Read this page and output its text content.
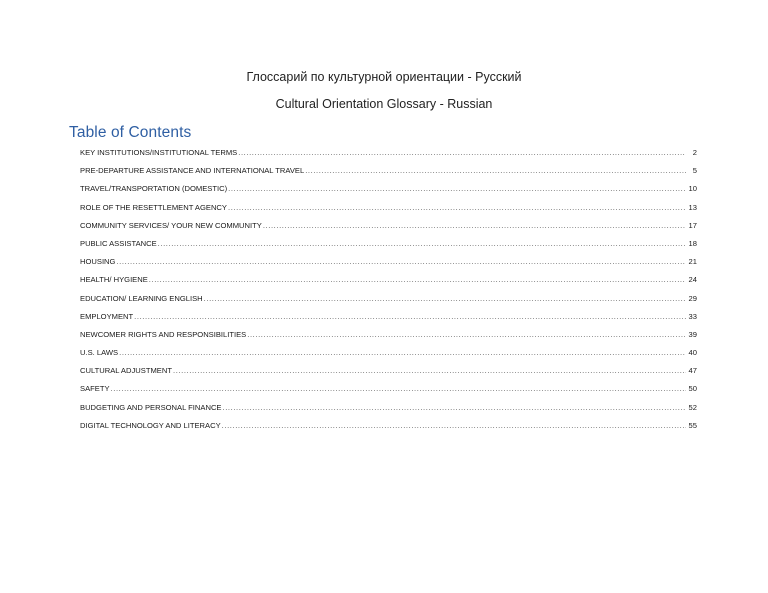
Глоссарий по культурной ориентации - Русский
Cultural Orientation Glossary - Russian
Table of Contents
KEY INSTITUTIONS/INSTITUTIONAL TERMS .....	2
PRE-DEPARTURE ASSISTANCE AND INTERNATIONAL TRAVEL .....	5
TRAVEL/TRANSPORTATION (DOMESTIC) .....	10
ROLE OF THE RESETTLEMENT AGENCY .....	13
COMMUNITY SERVICES/ YOUR NEW COMMUNITY .....	17
PUBLIC ASSISTANCE .....	18
HOUSING .....	21
HEALTH/ HYGIENE .....	24
EDUCATION/ LEARNING ENGLISH .....	29
EMPLOYMENT .....	33
NEWCOMER RIGHTS AND RESPONSIBILITIES .....	39
U.S. LAWS .....	40
CULTURAL ADJUSTMENT .....	47
SAFETY .....	50
BUDGETING AND PERSONAL FINANCE .....	52
DIGITAL TECHNOLOGY AND LITERACY .....	55
